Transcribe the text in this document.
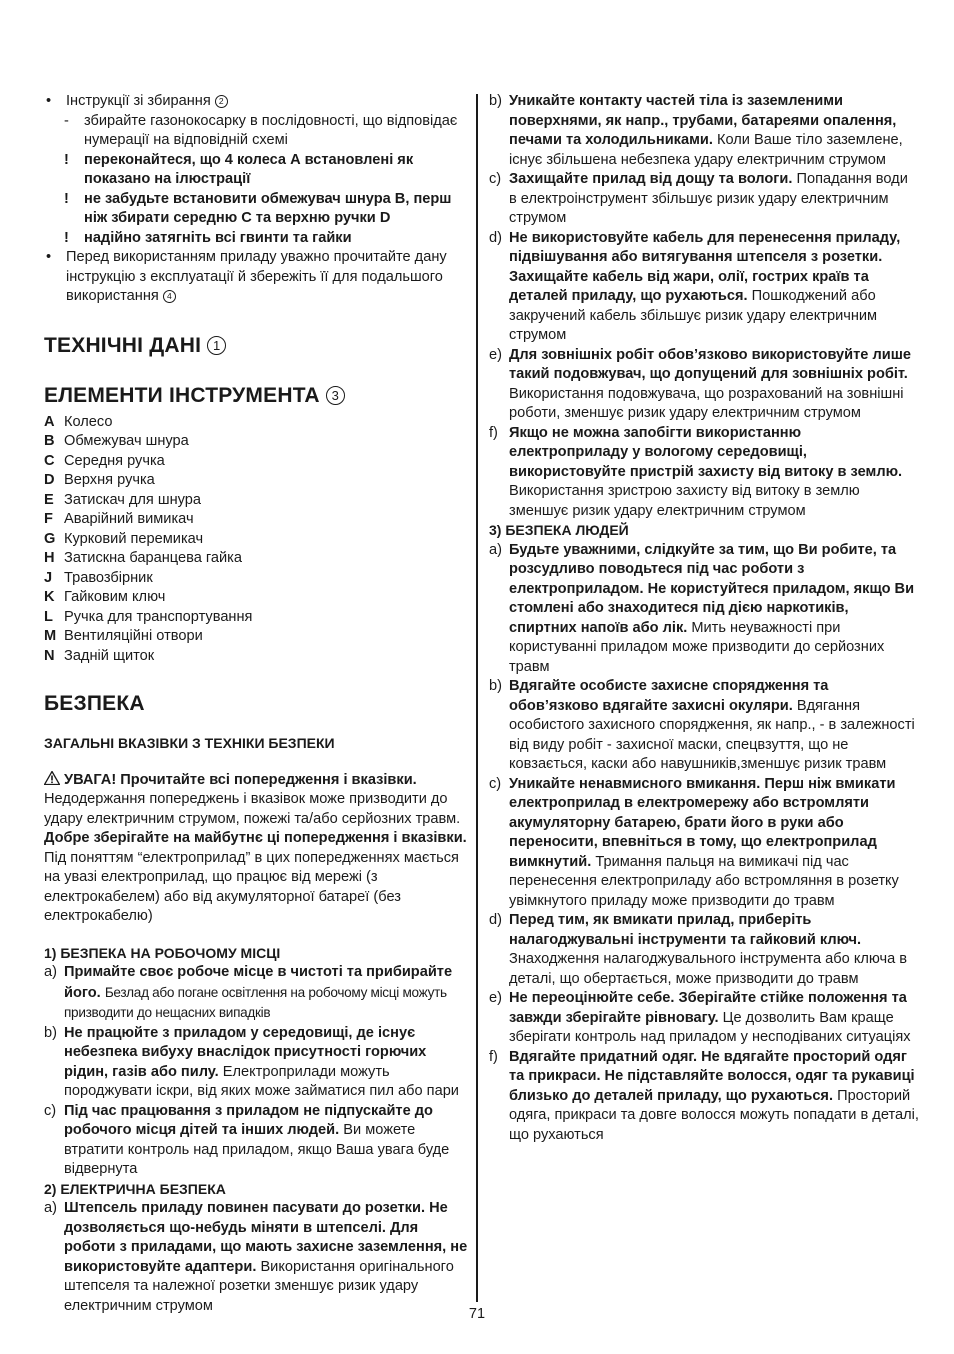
•	Інструкції зі збирання 2
-	збирайте газонокосарку в послідовності, що відповідає нумерації на відповідній схемі
!	переконайтеся, що 4 колеса А встановлені як показано на ілюстрації
!	не забудьте встановити обмежувач шнура В, перш ніж збирати середню С та верхню ручки D
!	надійно затягніть всі гвинти та гайки
•	Перед використанням приладу уважно прочитайте дану інструкцію з експлуатації й збережіть її для подальшого використання 4
ТЕХНІЧНІ ДАНІ 1
ЕЛЕМЕНТИ ІНСТРУМЕНТА 3
A Колесо
B Обмежувач шнура
C Середня ручка
D Верхня ручка
E Затискач для шнура
F Аварійний вимикач
G Курковий перемикач
H Затискна баранцева гайка
J Травозбірник
K Гайковим ключ
L Ручка для транспортування
M Вентиляційні отвори
N Задній щиток
БЕЗПЕКА
ЗАГАЛЬНІ ВКАЗІВКИ З ТЕХНІКИ БЕЗПЕКИ

УВАГА! Прочитайте всі попередження і вказівки. Недодержання попереджень і вказівок може призводити до удару електричним струмом, пожежі та/або серйозних травм. Добре зберігайте на майбутнє ці попередження і вказівки. Під поняттям “електроприлад” в цих попередженнях мається на увазі електроприлад, що працює від мережі (з електрокабелем) або від акумуляторної батареї (без електрокабелю)

1) БЕЗПЕКА НА РОБОЧОМУ МІСЦІ
a) Примайте своє робоче місце в чистоті та прибирайте його. Безлад або погане освітлення на робочому місці можуть призводити до нещасних випадків
b) Не працюйте з приладом у середовищі, де існує небезпека вибуху внаслідок присутності горючих рідин, газів або пилу. Електроприлади можуть породжувати іскри, від яких може займатися пил або пари
c) Під час працювання з приладом не підпускайте до робочого місця дітей та інших людей. Ви можете втратити контроль над приладом, якщо Ваша увага буде відвернута
2) ЕЛЕКТРИЧНА БЕЗПЕКА
a) Штепсель приладу повинен пасувати до розетки. Не дозволяється що-небудь міняти в штепселі. Для роботи з приладами, що мають захисне заземлення, не використовуйте адаптери. Використання оригінального штепселя та належної розетки зменшує ризик удару електричним струмом
b) Уникайте контакту частей тіла із заземленими поверхнями, як напр., трубами, батареями опалення, печами та холодильниками. Коли Ваше тіло заземлене, існує збільшена небезпека удару електричним струмом
c) Захищайте прилад від дощу та вологи. Попадання води в електроінструмент збільшує ризик удару електричним струмом
d) Не використовуйте кабель для перенесення приладу, підвішування або витягування штепселя з розетки. Захищайте кабель від жари, олії, гострих країв та деталей приладу, що рухаються. Пошкоджений або закручений кабель збільшує ризик удару електричним струмом
e) Для зовнішніх робіт обов’язково використовуйте лише такий подовжувач, що допущений для зовнішніх робіт. Використання подовжувача, що розрахований на зовнішні роботи, зменшує ризик удару електричним струмом
f) Якщо не можна запобігти використанню електроприладу у вологому середовищі, використовуйте пристрій захисту від витоку в землю. Використання зристрою захисту від витоку в землю зменшує ризик удару електричним струмом
3) БЕЗПЕКА ЛЮДЕЙ
a) Будьте уважними, слідкуйте за тим, що Ви робите, та розсудливо поводьтеся під час роботи з електроприладом. Не користуйтеся приладом, якщо Ви стомлені або знаходитеся під дією наркотиків, спиртних напоїв або лік. Мить неуважності при користуванні приладом може призводити до серйозних травм
b) Вдягайте особисте захисне спорядження та обов’язково вдягайте захисні окуляри. Вдягання особистого захисного спорядження, як напр., - в залежності від виду робіт - захисної маски, спецвзуття, що не ковзається, каски або навушників,зменшує ризик травм
c) Уникайте ненавмисного вмикання. Перш ніж вмикати електроприлад в електромережу або встромляти акумуляторну батарею, брати його в руки або переносити, впевніться в тому, що електроприлад вимкнутий. Тримання пальця на вимикачі під час перенесення електроприладу або встромляння в розетку увімкнутого приладу може призводити до травм
d) Перед тим, як вмикати прилад, приберіть налагоджувальні інструменти та гайковий ключ. Знаходження налагоджувального інструмента або ключа в деталі, що обертається, може призводити до травм
e) Не переоцінюйте себе. Зберігайте стійке положення та завжди зберігайте рівновагу. Це дозволить Вам краще зберігати контроль над приладом у несподіваних ситуаціях
f) Вдягайте придатний одяг. Не вдягайте просторий одяг та прикраси. Не підставляйте волосся, одяг та рукавиці близько до деталей приладу, що рухаються. Просторий одяга, прикраси та довге волосся можуть попадати в деталі, що рухаються
71
